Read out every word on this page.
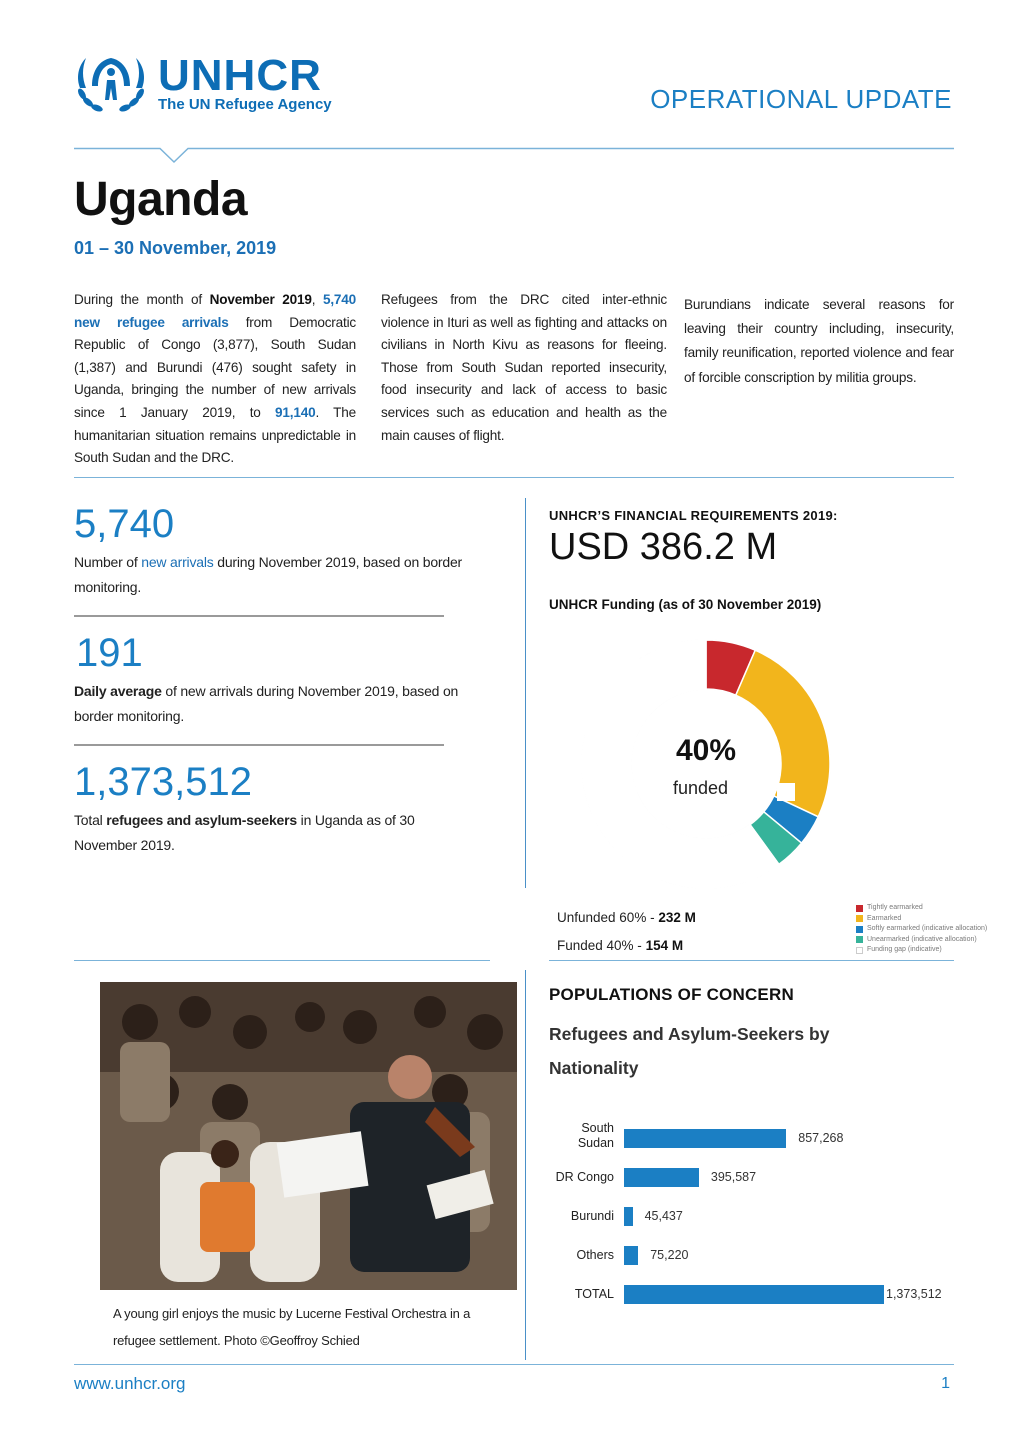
UNHCR
The UN Refugee Agency	OPERATIONAL UPDATE
Uganda
01 – 30 November, 2019
During the month of November 2019, 5,740 new refugee arrivals from Democratic Republic of Congo (3,877), South Sudan (1,387) and Burundi (476) sought safety in Uganda, bringing the number of new arrivals since 1 January 2019, to 91,140. The humanitarian situation remains unpredictable in South Sudan and the DRC.
Refugees from the DRC cited inter-ethnic violence in Ituri as well as fighting and attacks on civilians in North Kivu as reasons for fleeing. Those from South Sudan reported insecurity, food insecurity and lack of access to basic services such as education and health as the main causes of flight.
Burundians indicate several reasons for leaving their country including, insecurity, family reunification, reported violence and fear of forcible conscription by militia groups.
5,740
Number of new arrivals during November 2019, based on border monitoring.
191
Daily average of new arrivals during November 2019, based on border monitoring.
1,373,512
Total refugees and asylum-seekers in Uganda as of 30 November 2019.
UNHCR’S FINANCIAL REQUIREMENTS 2019:
USD 386.2 M
UNHCR Funding (as of 30 November 2019)
40%
funded
Unfunded 60% - 232 M
Funded 40% - 154 M
Tightly earmarked
Earmarked
Softly earmarked (indicative allocation)
Unearmarked (indicative allocation)
Funding gap (indicative)
A young girl enjoys the music by Lucerne Festival Orchestra in a
refugee settlement. Photo ©Geoffroy Schied
POPULATIONS OF CONCERN
Refugees and Asylum-Seekers by
Nationality
South
Sudan	857,268
DR Congo	395,587
Burundi 45,437
Others	75,220
TOTAL	1,373,512
www.unhcr.org	1
